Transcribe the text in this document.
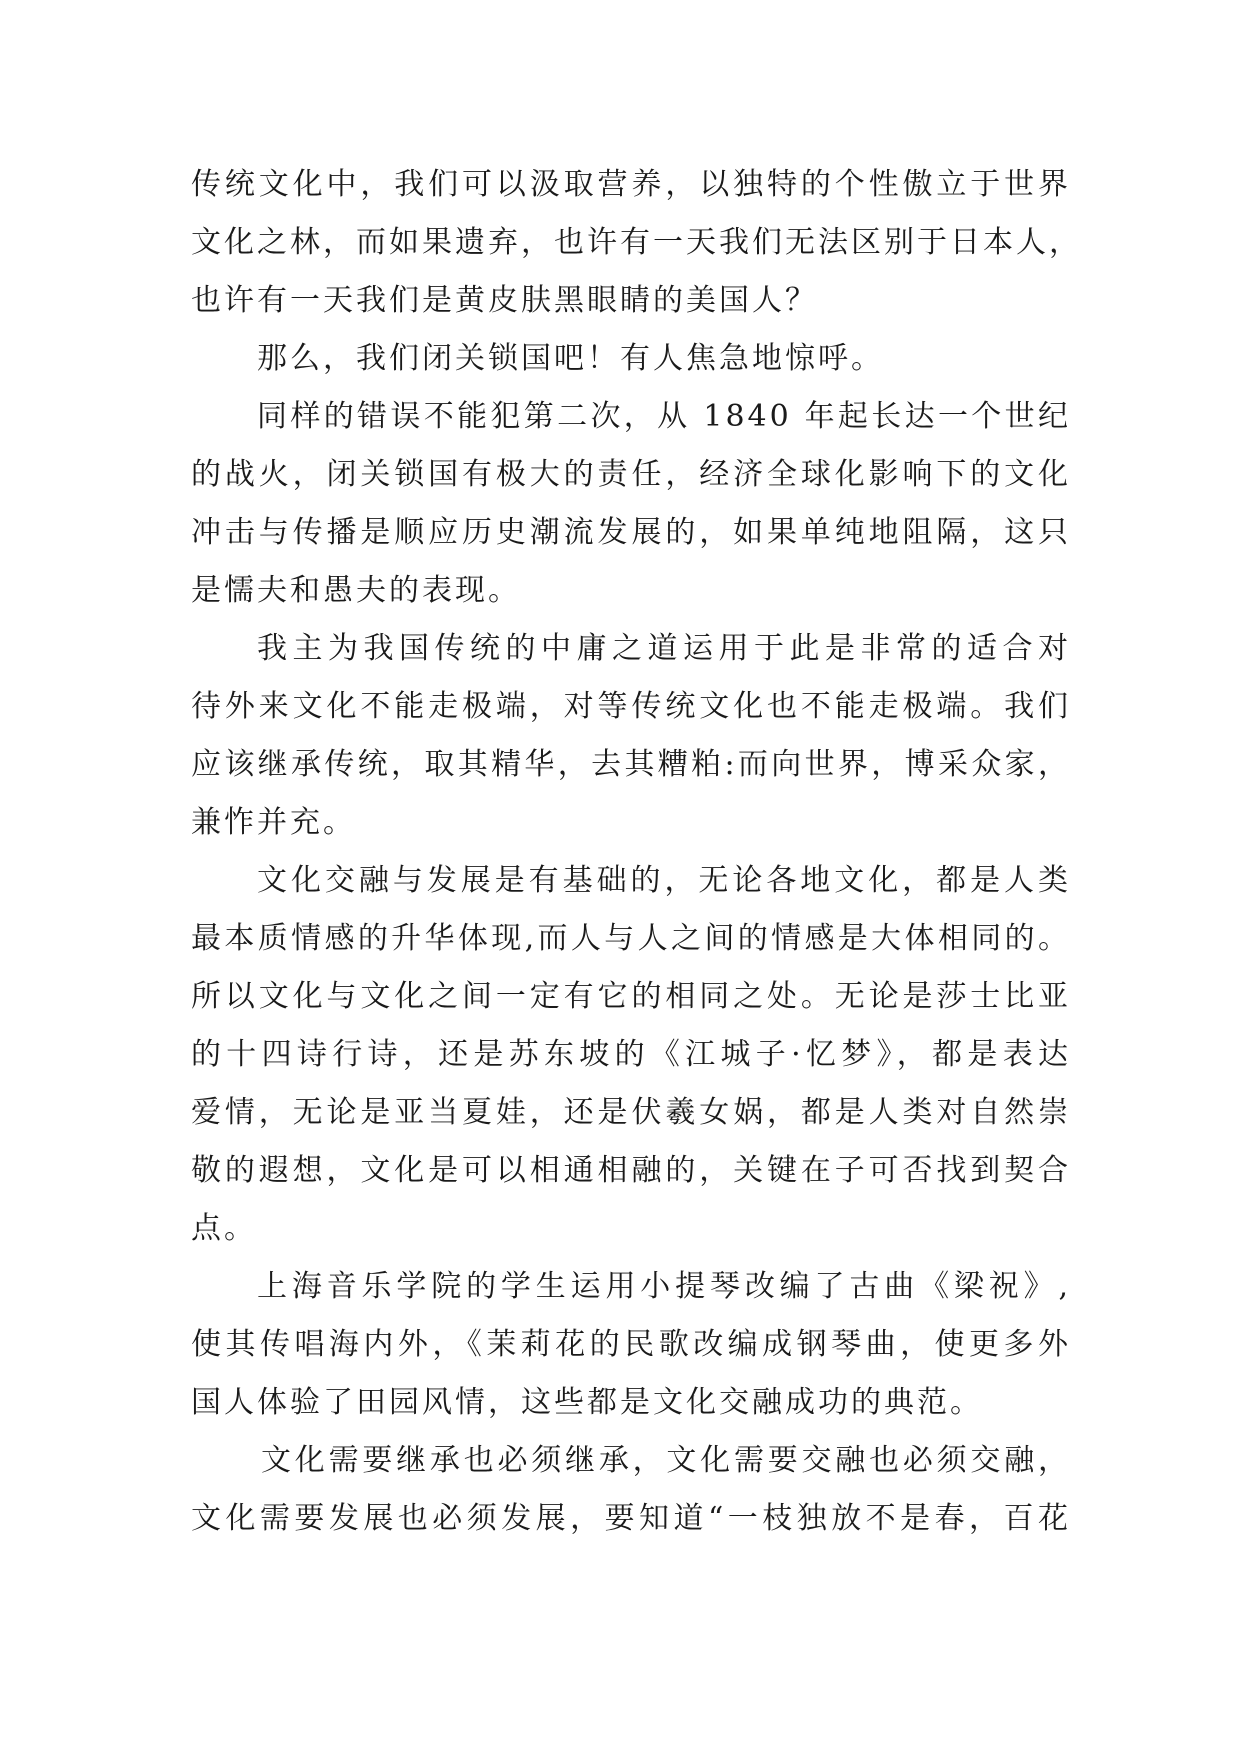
传统文化中，我们可以汲取营养，以独特的个性傲立于世界
文化之林，而如果遗弃，也许有一天我们无法区别于日本人，
也许有一天我们是黄皮肤黑眼睛的美国人？
那么，我们闭关锁国吧！有人焦急地惊呼。
同样的错误不能犯第二次，从 1840 年起长达一个世纪
的战火，闭关锁国有极大的责任，经济全球化影响下的文化
冲击与传播是顺应历史潮流发展的，如果单纯地阻隔，这只
是懦夫和愚夫的表现。
我主为我国传统的中庸之道运用于此是非常的适合对
待外来文化不能走极端，对等传统文化也不能走极端。我们
应该继承传统，取其精华，去其糟粕:而向世界，博采众家，
兼怍并充。
文化交融与发展是有基础的，无论各地文化，都是人类
最本质情感的升华体现,而人与人之间的情感是大体相同的。
所以文化与文化之间一定有它的相同之处。无论是莎士比亚
的十四诗行诗，还是苏东坡的《江城子·忆梦》，都是表达
爱情，无论是亚当夏娃，还是伏羲女娲，都是人类对自然崇
敬的遐想，文化是可以相通相融的，关键在子可否找到契合
点。
上海音乐学院的学生运用小提琴改编了古曲《梁祝》,
使其传唱海内外，《茉莉花的民歌改编成钢琴曲，使更多外
国人体验了田园风情，这些都是文化交融成功的典范。
文化需要继承也必须继承，文化需要交融也必须交融，
文化需要发展也必须发展，要知道“一枝独放不是春，百花
